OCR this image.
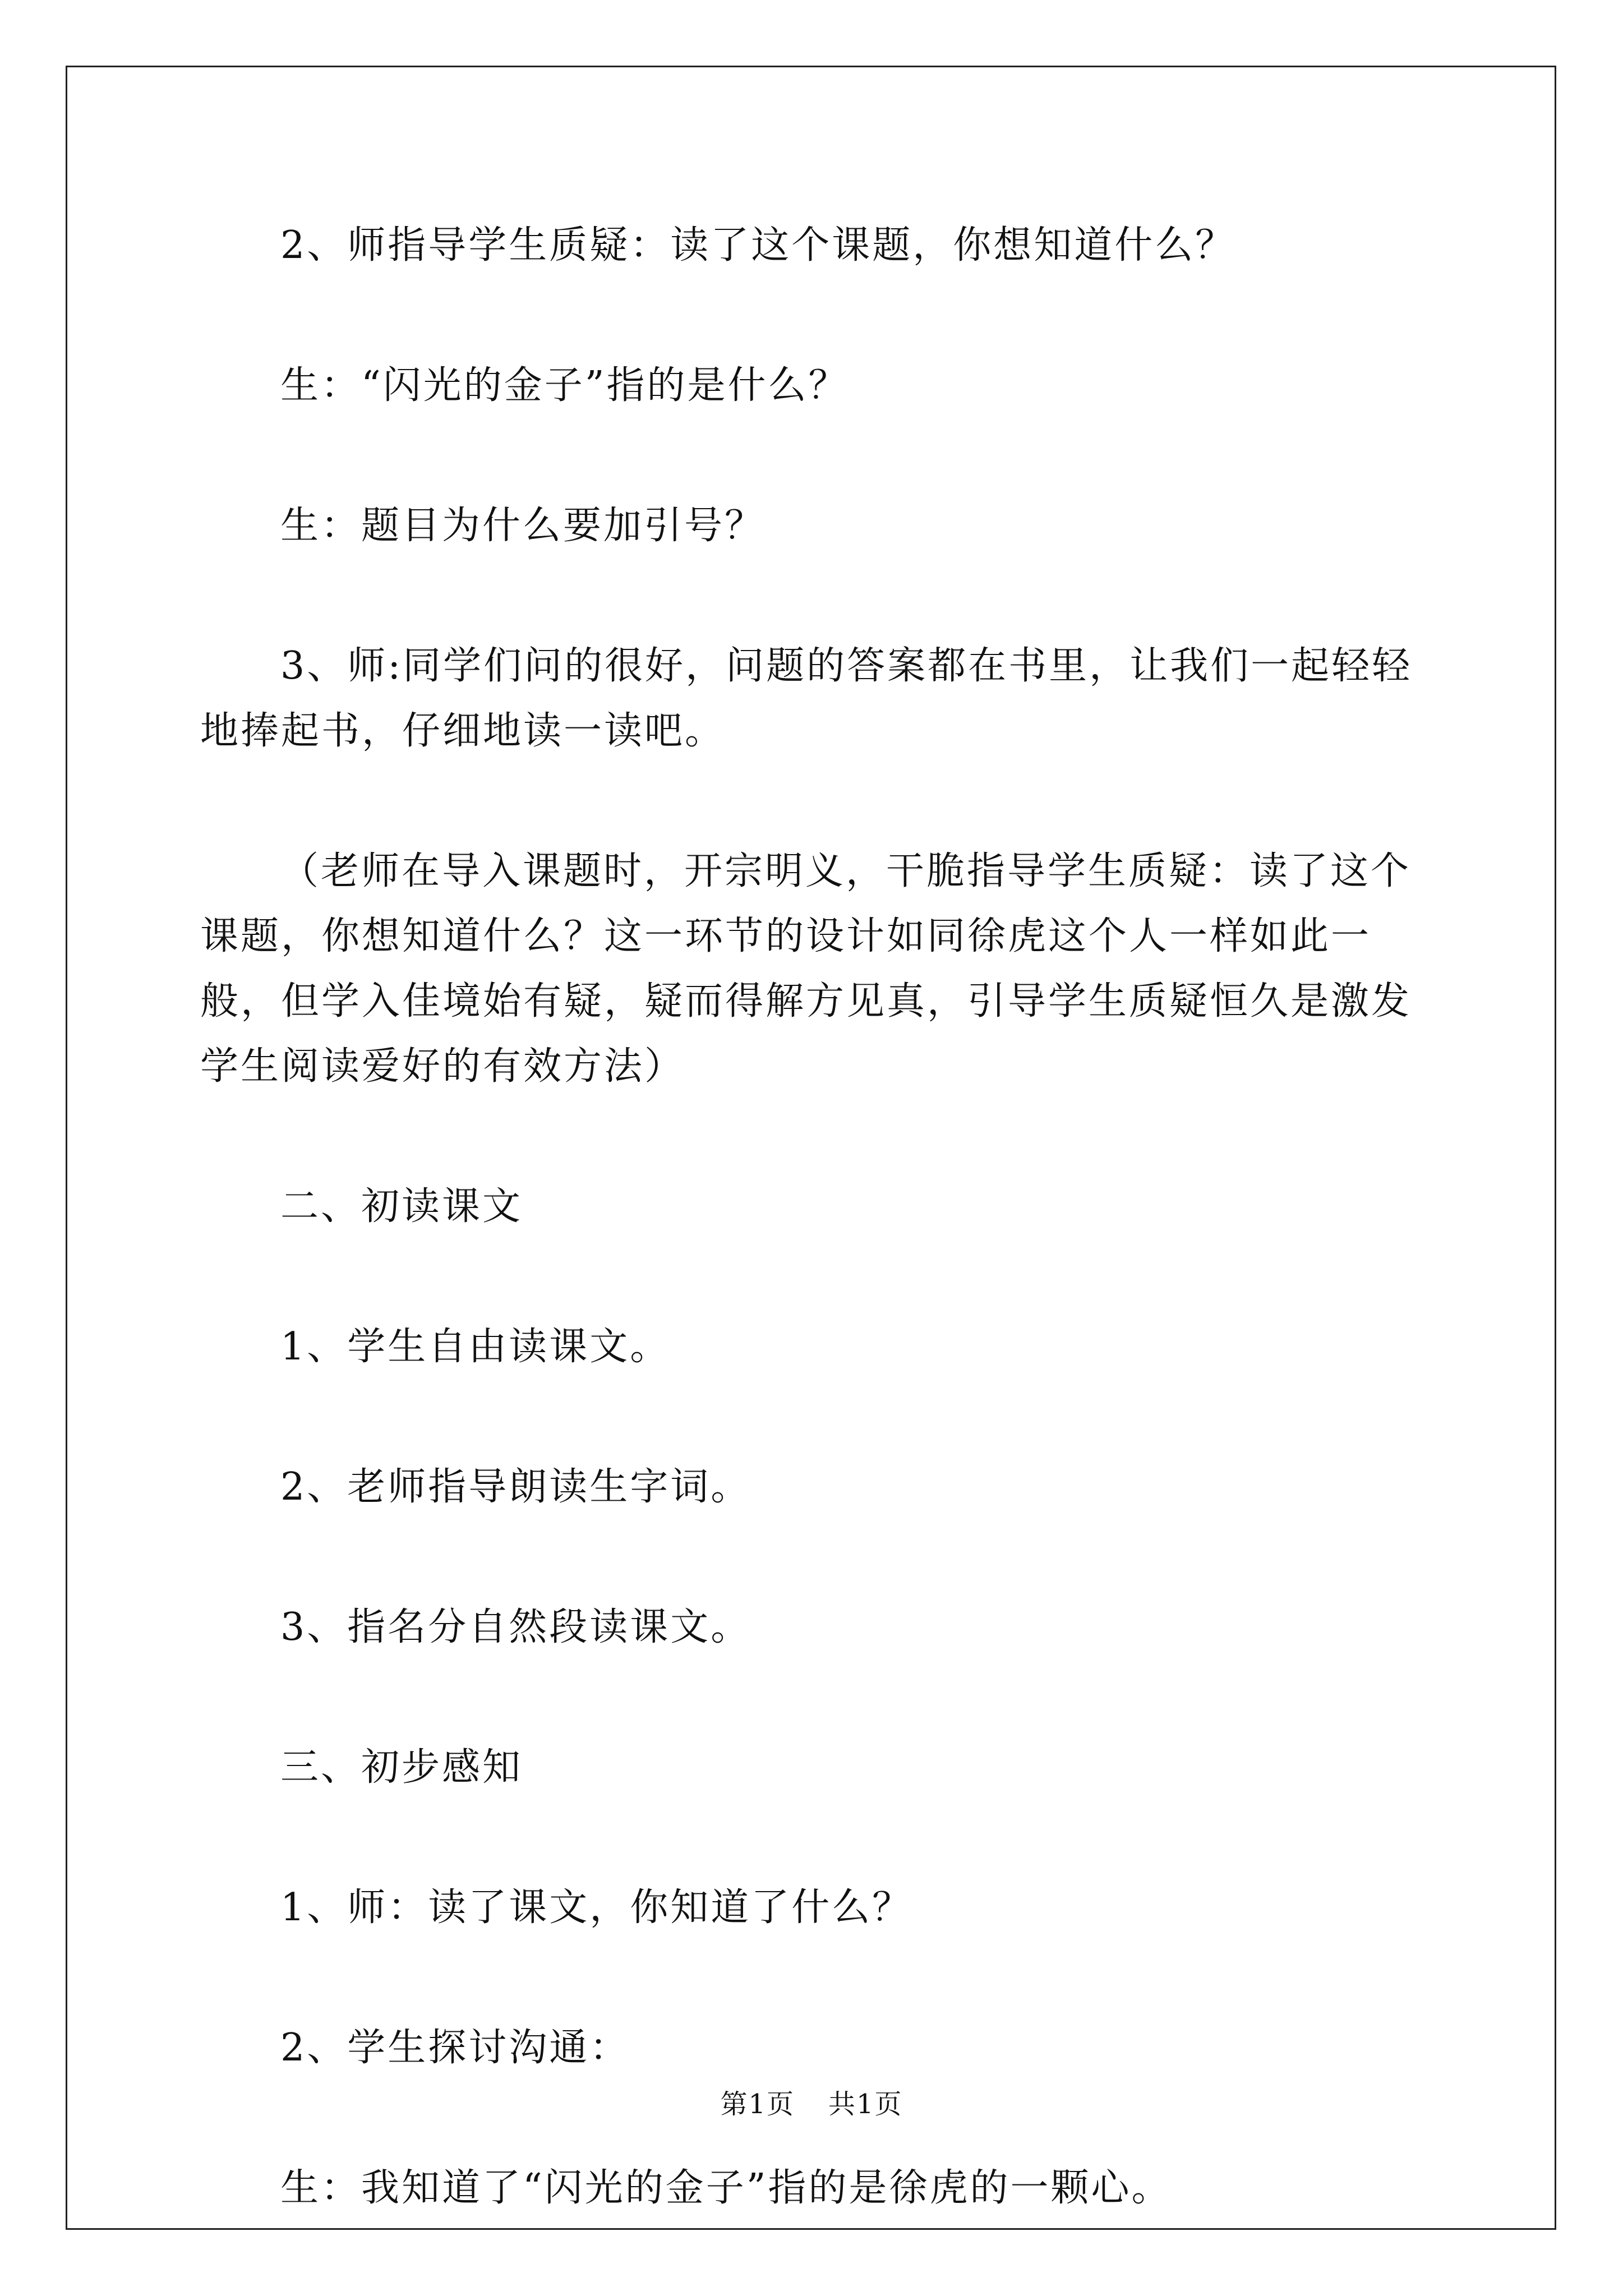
2、师指导学生质疑：读了这个课题，你想知道什么？

生：“闪光的金子”指的是什么？

生：题目为什么要加引号？

3、师:同学们问的很好，问题的答案都在书里，让我们一起轻轻地捧起书，仔细地读一读吧。

（老师在导入课题时，开宗明义，干脆指导学生质疑：读了这个课题，你想知道什么？这一环节的设计如同徐虎这个人一样如此一般，但学入佳境始有疑，疑而得解方见真，引导学生质疑恒久是激发学生阅读爱好的有效方法）

二、初读课文

1、学生自由读课文。

2、老师指导朗读生字词。

3、指名分自然段读课文。

三、初步感知

1、师：读了课文，你知道了什么？

2、学生探讨沟通：

生：我知道了“闪光的金子”指的是徐虎的一颗心。

第1页 共1页
